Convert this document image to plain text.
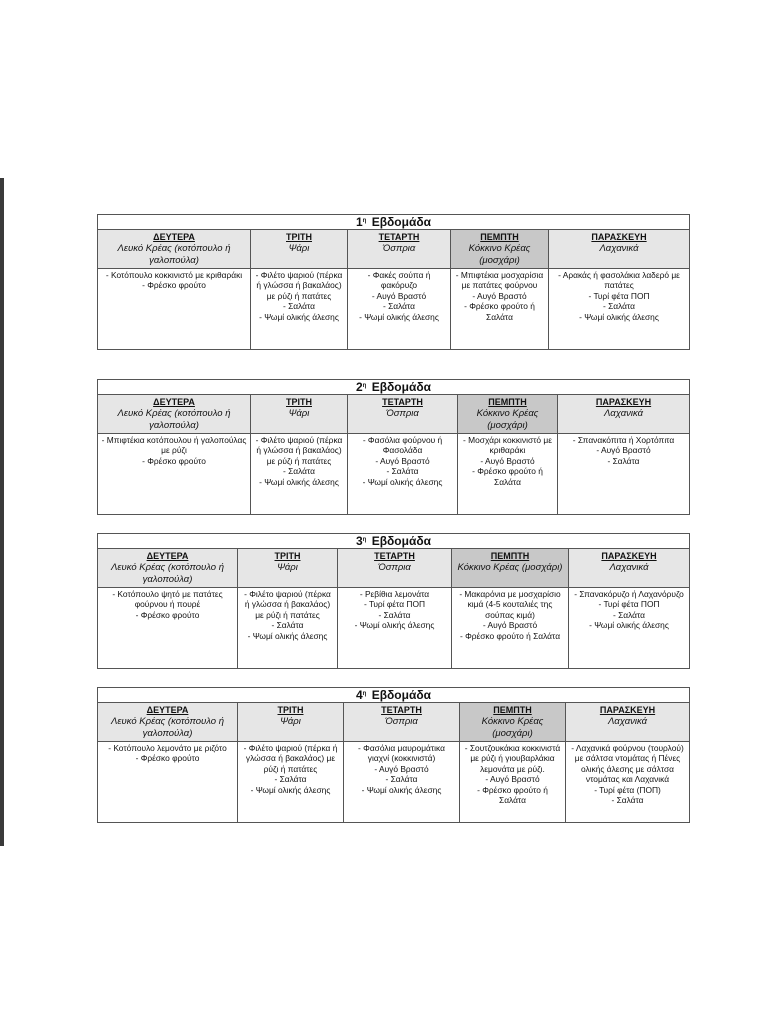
$1^\eta$ Εβδομάδα
ΔΕΥΤΕΡΑ
Λευκό Κρέας (κοτόπουλο ή γαλοπούλα)
ΤΡΙΤΗ
Ψάρι
ΤΕΤΑΡΤΗ
Όσπρια
ΠΕΜΠΤΗ
Κόκκινο Κρέας (μοσχάρι)
ΠΑΡΑΣΚΕΥΗ
Λαχανικά
- Κοτόπουλο κοκκινιστό με κριθαράκι
- Φρέσκο φρούτο
- Φιλέτο ψαριού (πέρκα ή γλώσσα ή βακαλάος) με ρύζι ή πατάτες
- Σαλάτα
- Ψωμί ολικής άλεσης
- Φακές σούπα ή φακόρυζο
- Αυγό Βραστό
- Σαλάτα
- Ψωμί ολικής άλεσης
- Μπιφτέκια μοσχαρίσια με πατάτες φούρνου
- Αυγό Βραστό
- Φρέσκο φρούτο ή Σαλάτα
- Αρακάς ή φασολάκια λαδερό με πατάτες
- Τυρί φέτα ΠΟΠ
- Σαλάτα
- Ψωμί ολικής άλεσης
$2^\eta$ Εβδομάδα
ΔΕΥΤΕΡΑ
Λευκό Κρέας (κοτόπουλο ή γαλοπούλα)
ΤΡΙΤΗ
Ψάρι
ΤΕΤΑΡΤΗ
Όσπρια
ΠΕΜΠΤΗ
Κόκκινο Κρέας (μοσχάρι)
ΠΑΡΑΣΚΕΥΗ
Λαχανικά
- Μπιφτέκια κοτόπουλου ή γαλοπούλας με ρύζι
- Φρέσκο φρούτο
- Φιλέτο ψαριού (πέρκα ή γλώσσα ή βακαλάος) με ρύζι ή πατάτες
- Σαλάτα
- Ψωμί ολικής άλεσης
- Φασόλια φούρνου ή Φασολάδα
- Αυγό Βραστό
- Σαλάτα
- Ψωμί ολικής άλεσης
- Μοσχάρι κοκκινιστό με κριθαράκι
- Αυγό Βραστό
- Φρέσκο φρούτο ή Σαλάτα
- Σπανακόπιτα ή Χορτόπιτα
- Αυγό Βραστό
- Σαλάτα
$3^\eta$ Εβδομάδα
ΔΕΥΤΕΡΑ
Λευκό Κρέας (κοτόπουλο ή γαλοπούλα)
ΤΡΙΤΗ
Ψάρι
ΤΕΤΑΡΤΗ
Όσπρια
ΠΕΜΠΤΗ
Κόκκινο Κρέας (μοσχάρι)
ΠΑΡΑΣΚΕΥΗ
Λαχανικά
- Κοτόπουλο ψητό με πατάτες φούρνου ή πουρέ
- Φρέσκο φρούτο
- Φιλέτο ψαριού (πέρκα ή γλώσσα ή βακαλάος) με ρύζι ή πατάτες
- Σαλάτα
- Ψωμί ολικής άλεσης
- Ρεβίθια λεμονάτα
- Τυρί φέτα ΠΟΠ
- Σαλάτα
- Ψωμί ολικής άλεσης
- Μακαρόνια με μοσχαρίσιο κιμά (4-5 κουταλιές της σούπας κιμά)
- Αυγό Βραστό
- Φρέσκο φρούτο ή Σαλάτα
- Σπανακόρυζο ή Λαχανόρυζο
- Τυρί φέτα ΠΟΠ
- Σαλάτα
- Ψωμί ολικής άλεσης
$4^\eta$ Εβδομάδα
ΔΕΥΤΕΡΑ
Λευκό Κρέας (κοτόπουλο ή γαλοπούλα)
ΤΡΙΤΗ
Ψάρι
ΤΕΤΑΡΤΗ
Όσπρια
ΠΕΜΠΤΗ
Κόκκινο Κρέας (μοσχάρι)
ΠΑΡΑΣΚΕΥΗ
Λαχανικά
- Κοτόπουλο λεμονάτο με ριζότο
- Φρέσκο φρούτο
- Φιλέτο ψαριού (πέρκα ή γλώσσα ή βακαλάος) με ρύζι ή πατάτες
- Σαλάτα
- Ψωμί ολικής άλεσης
- Φασόλια μαυρομάτικα γιαχνί (κοκκινιστά)
- Αυγό Βραστό
- Σαλάτα
- Ψωμί ολικής άλεσης
- Σουτζουκάκια κοκκινιστά με ρύζι ή γιουβαρλάκια λεμονάτα με ρύζι.
- Αυγό Βραστό
- Φρέσκο φρούτο ή Σαλάτα
- Λαχανικά φούρνου (τουρλού) με σάλτσα ντομάτας ή Πένες ολικής άλεσης με σάλτσα ντομάτας και Λαχανικά
- Τυρί φέτα (ΠΟΠ)
- Σαλάτα
